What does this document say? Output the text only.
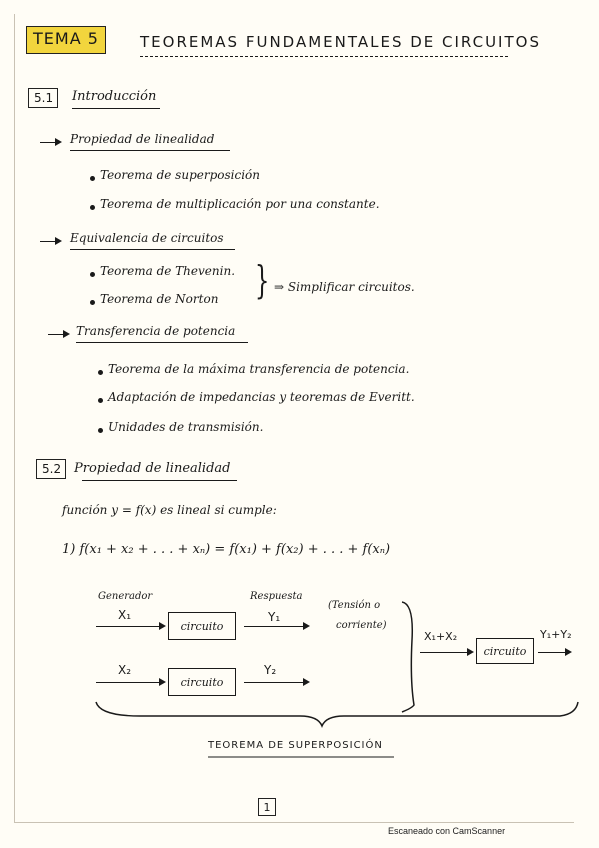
TEMA 5	TEOREMAS FUNDAMENTALES DE CIRCUITOS
5.1 Introducción
Propiedad de linealidad
Teorema de superposición
Teorema de multiplicación por una constante.
Equivalencia de circuitos
Teorema de Thevenin.
Teorema de Norton } ⇒ Simplificar circuitos.
Transferencia de potencia
Teorema de la máxima transferencia de potencia.
Adaptación de impedancias y teoremas de Everitt.
Unidades de transmisión.
5.2 Propiedad de linealidad
función y = f(x) es lineal si cumple:
1) f(x₁ + x₂ + . . . + xₙ) = f(x₁) + f(x₂) + . . . + f(xₙ)
Generador	Respuesta
X₁
circuito
Y₁
(Tensión o
corriente)
X₂
circuito
Y₂
X₁+X₂
circuito
Y₁+Y₂
TEOREMA DE SUPERPOSICIÓN
1
Escaneado con CamScanner
